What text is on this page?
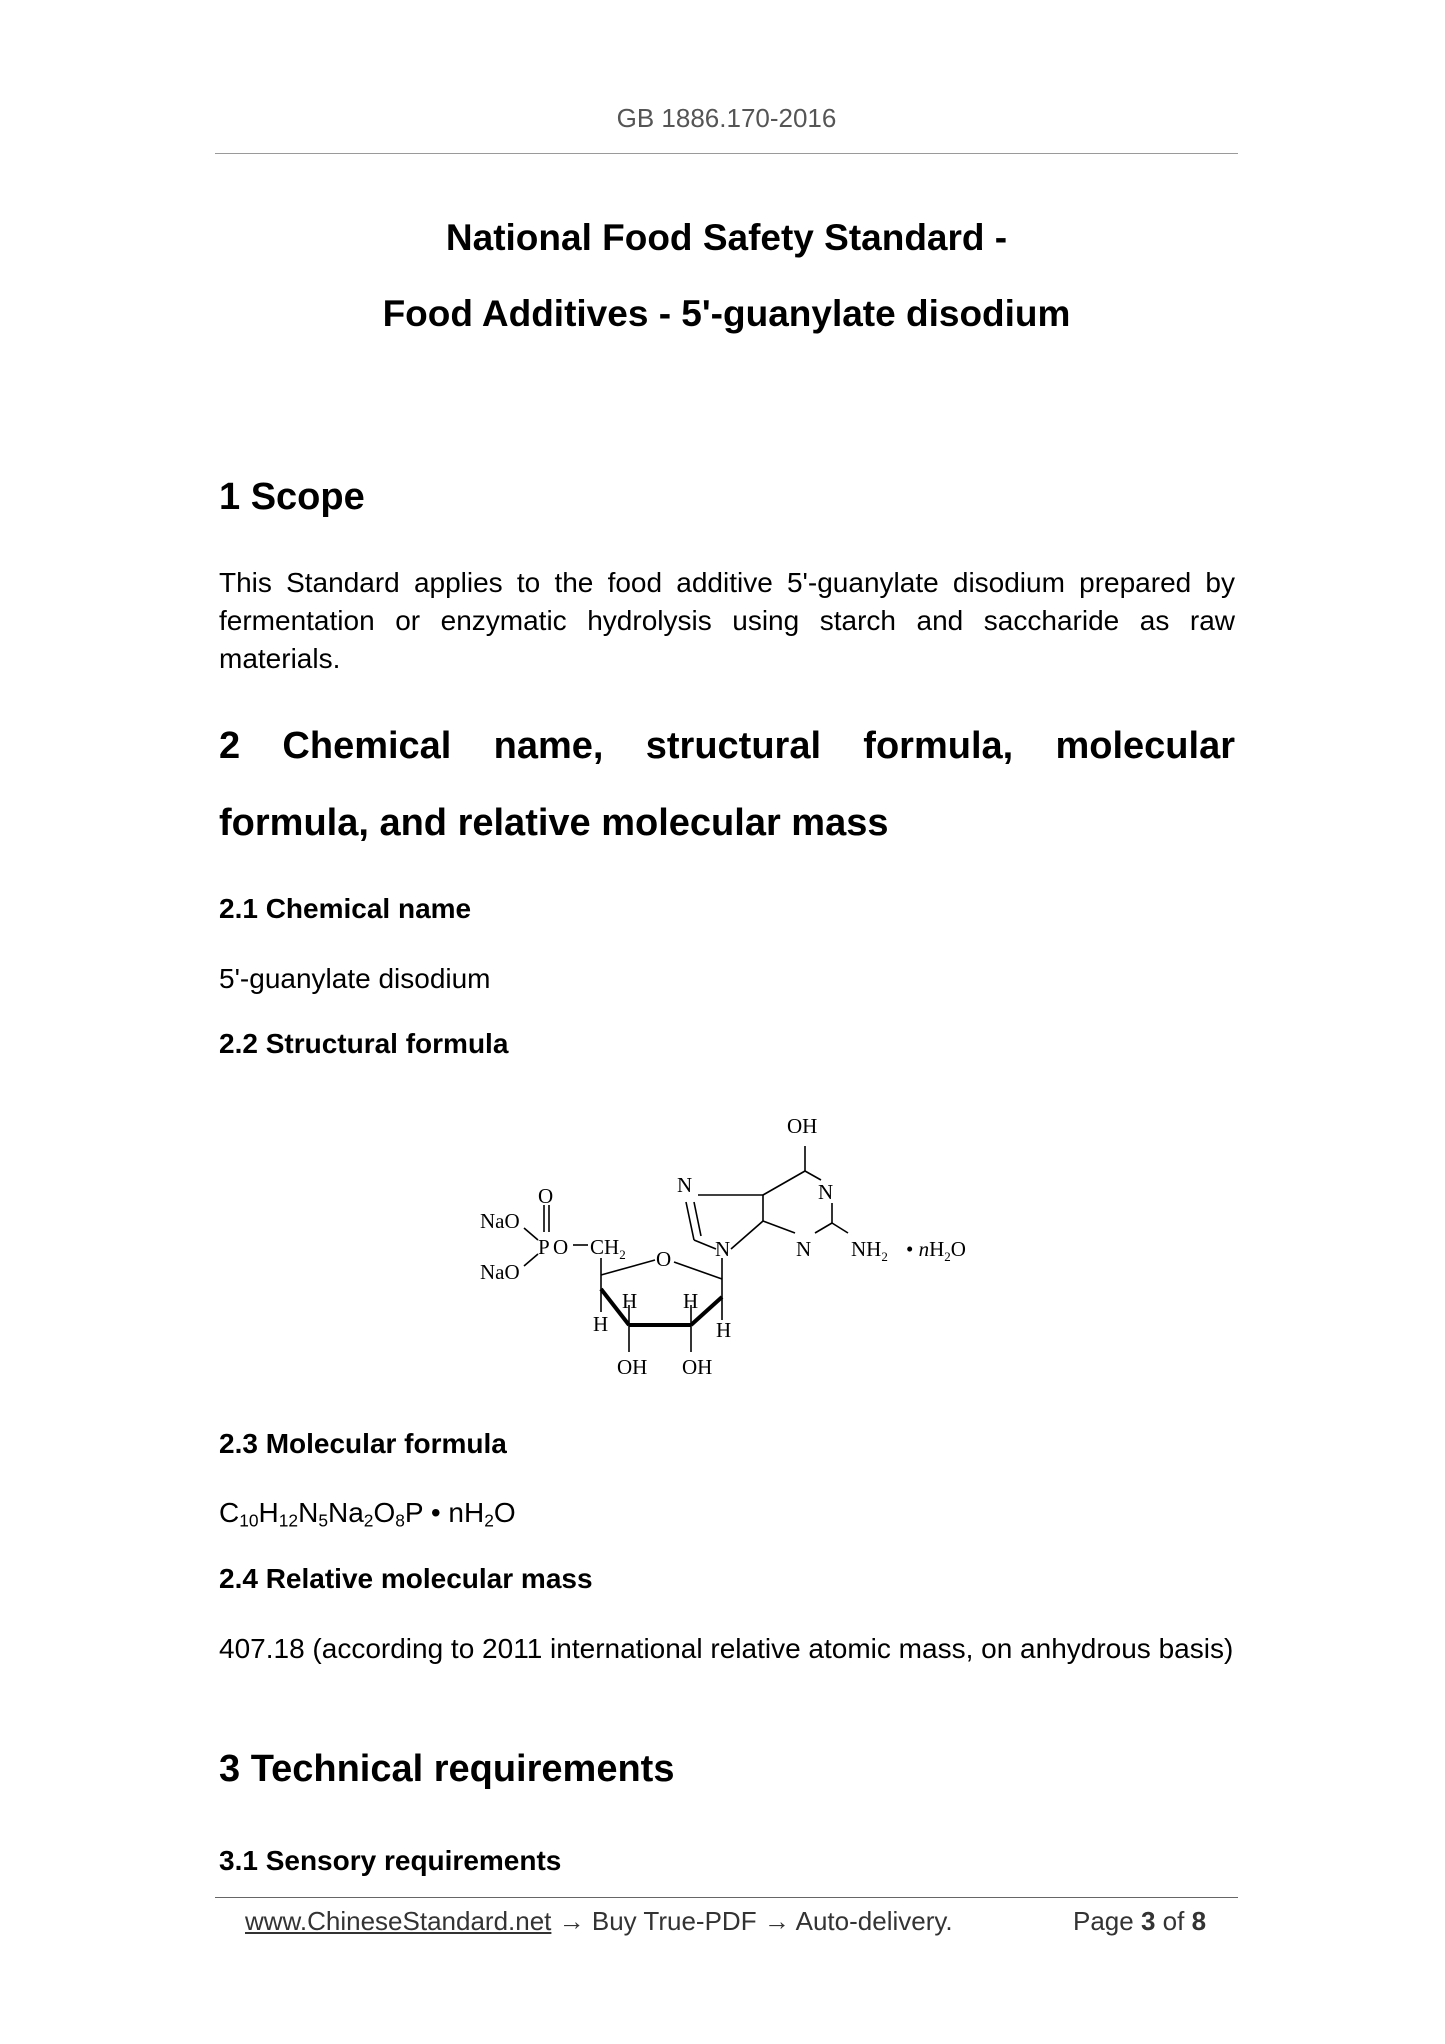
GB 1886.170-2016
National Food Safety Standard -
Food Additives - 5'-guanylate disodium
1 Scope
This Standard applies to the food additive 5'-guanylate disodium prepared by fermentation or enzymatic hydrolysis using starch and saccharide as raw materials.
2 Chemical name, structural formula, molecular
formula, and relative molecular mass
2.1 Chemical name
5'-guanylate disodium
2.2 Structural formula
OH
N	N
N	N $NH_2$ • $nH_2O$
O
NaO
NaO
P O $CH_2$ O
H
H H
H
OH OH
2.3 Molecular formula
$C_{10}H_{12}N_5Na_2O_8P$ • $nH_2O$
2.4 Relative molecular mass
407.18 (according to 2011 international relative atomic mass, on anhydrous basis)
3 Technical requirements
3.1 Sensory requirements
www.ChineseStandard.net → Buy True-PDF → Auto-delivery.	Page 3 of 8
